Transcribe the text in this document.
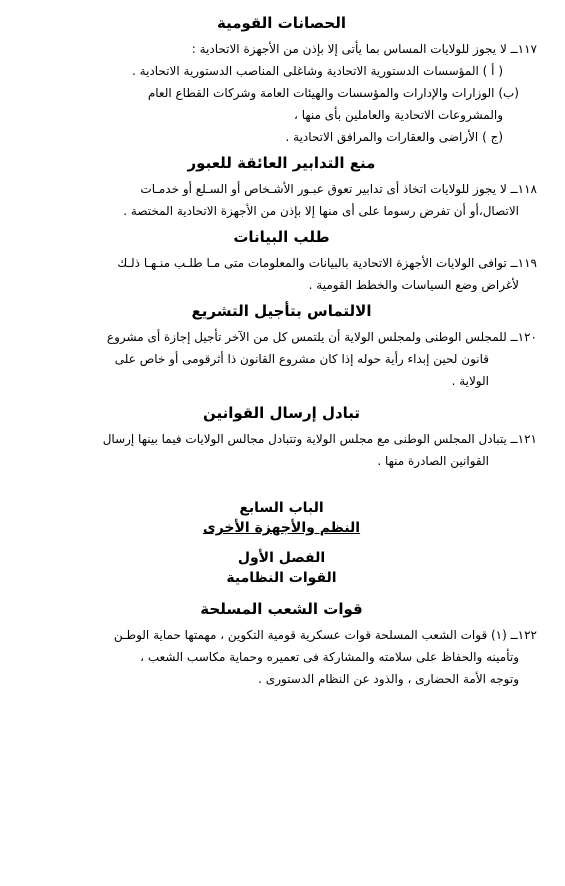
الحصانات القومية

١١٧ــ لا يجوز للولايات المساس بما يأتى إلا بإذن من الأجهزة الاتحادية :
( أ ) المؤسسات الدستورية الاتحادية وشاغلى المناصب الدستورية الاتحادية .
(ب) الوزارات والإدارات والمؤسسات والهيئات العامة وشركات القطاع العام
والمشروعات الاتحادية والعاملين بأى منها ،
(ج ) الأراضى والعقارات والمرافق الاتحادية .

منع التدابير العائقة للعبور

١١٨ــ لا يجوز للولايات اتخاذ أى تدابير تعوق عبـور الأشـخاص أو السـلع أو خدمـات
الاتصال،أو أن تفرض رسوما على أى منها إلا بإذن من الأجهزة الاتحادية المختصة .

طلب البيانات

١١٩ــ توافى الولايات الأجهزة الاتحادية بالبيانات والمعلومات متى مـا طلـب منـهـا ذلـك
لأغراض وضع السياسات والخطط القومية .

الالتماس بتأجيل التشريع

١٢٠ــ للمجلس الوطنى ولمجلس الولاية أن يلتمس كل من الآخر تأجيل إجازة أى مشروع
قانون لحين إبداء رأية حوله إذا كان مشروع القانون ذا أثرقومى أو خاص على
الولاية .

تبادل إرسال القوانين

١٢١ــ يتبادل المجلس الوطنى مع مجلس الولاية وتتبادل مجالس الولايات فيما بينها إرسال
القوانين الصادرة منها .

الباب السابع

النظم والأجهزة الأخرى

الفصل الأول

القوات النظامية

قوات الشعب المسلحة

١٢٢ــ (١) قوات الشعب المسلحة قوات عسكرية قومية التكوين ، مهمتها حماية الوطـن
وتأمينه والحفاظ على سلامته والمشاركة فى تعميره وحماية مكاسب الشعب ،
وتوجه الأمة الحضارى ، والذود عن النظام الدستورى .
